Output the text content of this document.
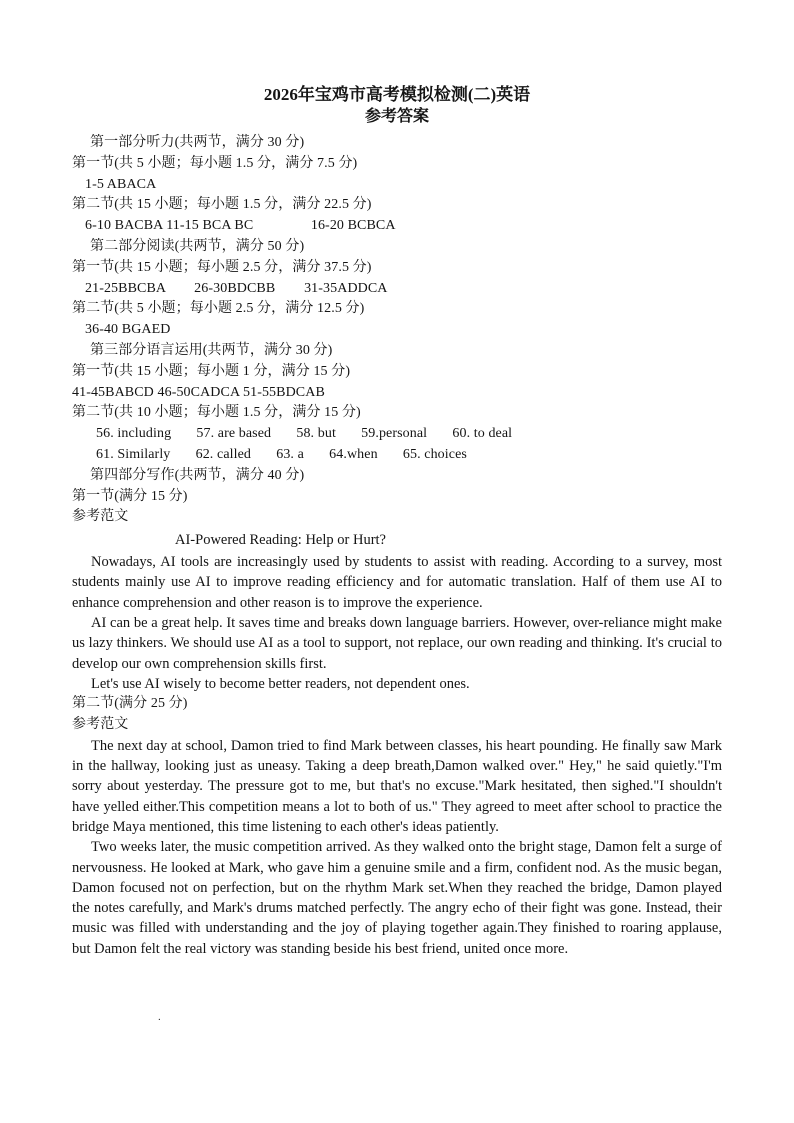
2026年宝鸡市高考模拟检测(二)英语
参考答案
第一部分听力(共两节，满分 30 分)
第一节(共 5 小题；每小题 1.5 分，满分 7.5 分)
1-5 ABACA
第二节(共 15 小题；每小题 1.5 分，满分 22.5 分)
6-10 BACBA 11-15 BCA BC                16-20 BCBCA
第二部分阅读(共两节，满分 50 分)
第一节(共 15 小题；每小题 2.5 分，满分 37.5 分)
21-25BBCBA        26-30BDCBB        31-35ADDCA
第二节(共 5 小题；每小题 2.5 分，满分 12.5 分)
36-40 BGAED
第三部分语言运用(共两节，满分 30 分)
第一节(共 15 小题；每小题 1 分，满分 15 分)
41-45BABCD 46-50CADCA 51-55BDCAB
第二节(共 10 小题；每小题 1.5 分，满分 15 分)
56. including       57. are based       58. but       59.personal       60. to deal
61. Similarly       62. called       63. a       64.when       65. choices
第四部分写作(共两节，满分 40 分)
第一节(满分 15 分)
参考范文
AI-Powered Reading: Help or Hurt?

Nowadays, AI tools are increasingly used by students to assist with reading. According to a survey, most students mainly use AI to improve reading efficiency and for automatic translation. Half of them use AI to enhance comprehension and other reason is to improve the experience.

AI can be a great help. It saves time and breaks down language barriers. However, over-reliance might make us lazy thinkers. We should use AI as a tool to support, not replace, our own reading and thinking. It's crucial to develop our own comprehension skills first.

Let's use AI wisely to become better readers, not dependent ones.

第二节(满分 25 分)
参考范文

The next day at school, Damon tried to find Mark between classes, his heart pounding. He finally saw Mark in the hallway, looking just as uneasy. Taking a deep breath,Damon walked over." Hey," he said quietly."I'm sorry about yesterday. The pressure got to me, but that's no excuse."Mark hesitated, then sighed."I shouldn't have yelled either.This competition means a lot to both of us." They agreed to meet after school to practice the bridge Maya mentioned, this time listening to each other's ideas patiently.

Two weeks later, the music competition arrived. As they walked onto the bright stage, Damon felt a surge of nervousness. He looked at Mark, who gave him a genuine smile and a firm, confident nod. As the music began, Damon focused not on perfection, but on the rhythm Mark set.When they reached the bridge, Damon played the notes carefully, and Mark's drums matched perfectly. The angry echo of their fight was gone. Instead, their music was filled with understanding and the joy of playing together again.They finished to roaring applause, but Damon felt the real victory was standing beside his best friend, united once more.

.
